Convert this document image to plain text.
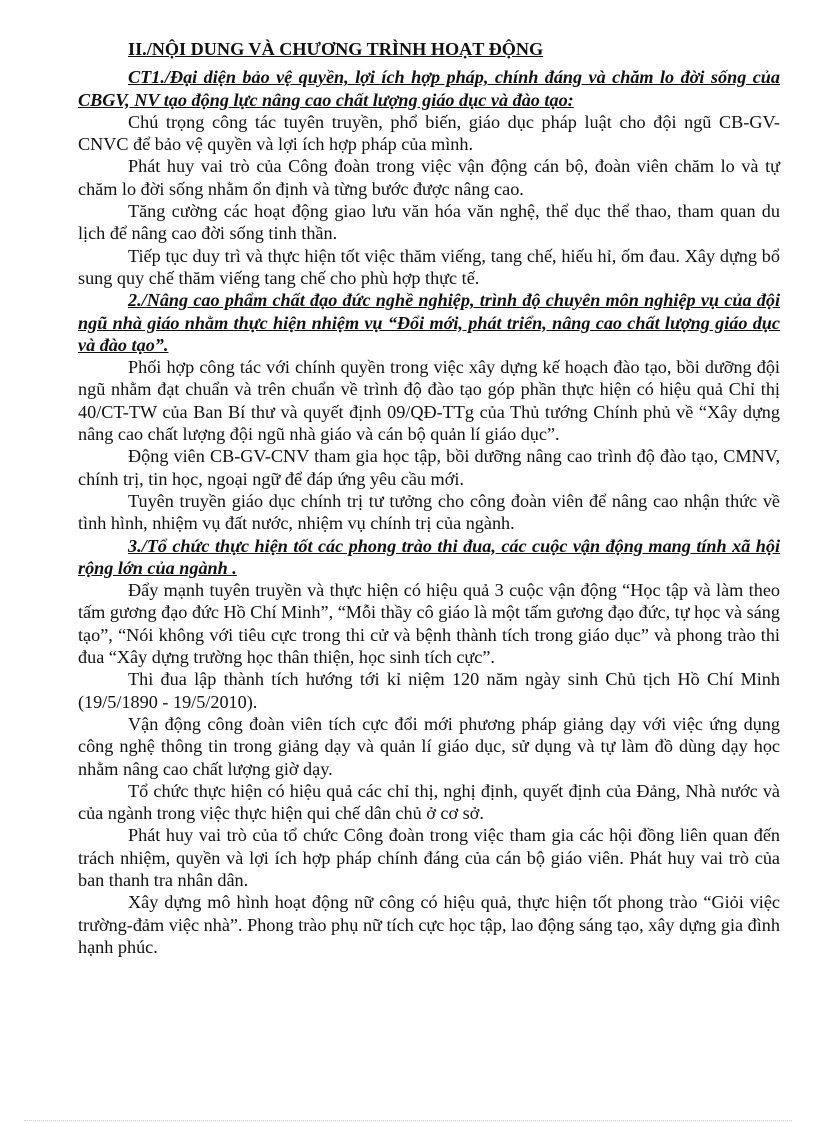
II./NỘI DUNG VÀ CHƯƠNG TRÌNH HOẠT ĐỘNG

CT1./Đại diện bảo vệ quyền, lợi ích hợp pháp, chính đáng và chăm lo đời sống của CBGV, NV tạo động lực nâng cao chất lượng giáo dục và đào tạo:

Chú trọng công tác tuyên truyền, phổ biến, giáo dục pháp luật cho đội ngũ CB-GV-CNVC để bảo vệ quyền và lợi ích hợp pháp của mình.

Phát huy vai trò của Công đoàn trong việc vận động cán bộ, đoàn viên chăm lo và tự chăm lo đời sống nhằm ổn định và từng bước được nâng cao.

Tăng cường các hoạt động giao lưu văn hóa văn nghệ, thể dục thể thao, tham quan du lịch để nâng cao đời sống tinh thần.

Tiếp tục duy trì và thực hiện tốt việc thăm viếng, tang chế, hiếu hỉ, ốm đau. Xây dựng bổ sung quy chế thăm viếng tang chế cho phù hợp thực tế.

2./Nâng cao phẩm chất đạo đức nghề nghiệp, trình độ chuyên môn nghiệp vụ của đội ngũ nhà giáo nhằm thực hiện nhiệm vụ “Đổi mới, phát triển, nâng cao chất lượng giáo dục và đào tạo”.

Phối hợp công tác với chính quyền trong việc xây dựng kế hoạch đào tạo, bồi dưỡng đội ngũ nhằm đạt chuẩn và trên chuẩn về trình độ đào tạo góp phần thực hiện có hiệu quả Chỉ thị 40/CT-TW của Ban Bí thư và quyết định 09/QĐ-TTg của Thủ tướng Chính phủ về “Xây dựng nâng cao chất lượng đội ngũ nhà giáo và cán bộ quản lí giáo dục”.

Động viên CB-GV-CNV tham gia học tập, bồi dưỡng nâng cao trình độ đào tạo, CMNV, chính trị, tin học, ngoại ngữ để đáp ứng yêu cầu mới.

Tuyên truyền giáo dục chính trị tư tưởng cho công đoàn viên để nâng cao nhận thức về tình hình, nhiệm vụ đất nước, nhiệm vụ chính trị của ngành.

3./Tổ chức thực hiện tốt các phong trào thi đua, các cuộc vận động mang tính xã hội rộng lớn của ngành .

Đẩy mạnh tuyên truyền và thực hiện có hiệu quả 3 cuộc vận động “Học tập và làm theo tấm gương đạo đức Hồ Chí Minh”, “Mỗi thầy cô giáo là một tấm gương đạo đức, tự học và sáng tạo”, “Nói không với tiêu cực trong thi cử và bệnh thành tích trong giáo dục” và phong trào thi đua “Xây dựng trường học thân thiện, học sinh tích cực”.

Thi đua lập thành tích hướng tới kỉ niệm 120 năm ngày sinh Chủ tịch Hồ Chí Minh (19/5/1890 - 19/5/2010).

Vận động công đoàn viên tích cực đổi mới phương pháp giảng dạy với việc ứng dụng công nghệ thông tin trong giảng dạy và quản lí giáo dục, sử dụng và tự làm đồ dùng dạy học nhằm nâng cao chất lượng giờ dạy.

Tổ chức thực hiện có hiệu quả các chỉ thị, nghị định, quyết định của Đảng, Nhà nước và của ngành trong việc thực hiện qui chế dân chủ ở cơ sở.

Phát huy vai trò của tổ chức Công đoàn trong việc tham gia các hội đồng liên quan đến trách nhiệm, quyền và lợi ích hợp pháp chính đáng của cán bộ giáo viên. Phát huy vai trò của ban thanh tra nhân dân.

Xây dựng mô hình hoạt động nữ công có hiệu quả, thực hiện tốt phong trào “Giỏi việc trường-đảm việc nhà”. Phong trào phụ nữ tích cực học tập, lao động sáng tạo, xây dựng gia đình hạnh phúc.
